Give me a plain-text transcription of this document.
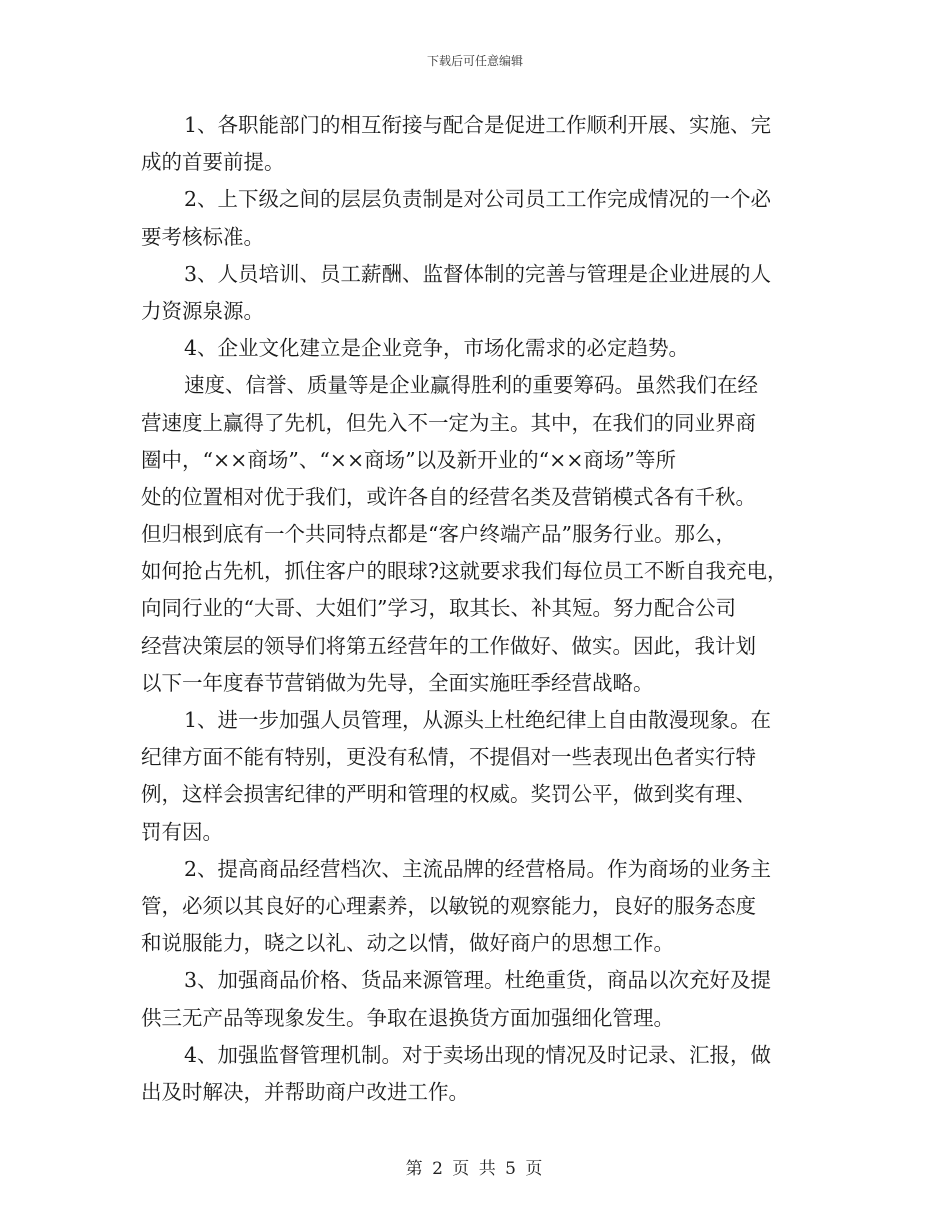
下载后可任意编辑
1、各职能部门的相互衔接与配合是促进工作顺利开展、实施、完
成的首要前提。
2、上下级之间的层层负责制是对公司员工工作完成情况的一个必
要考核标准。
3、人员培训、员工薪酬、监督体制的完善与管理是企业进展的人
力资源泉源。
4、企业文化建立是企业竞争，市场化需求的必定趋势。
速度、信誉、质量等是企业赢得胜利的重要筹码。虽然我们在经
营速度上赢得了先机，但先入不一定为主。其中，在我们的同业界商
圈中，“××商场”、“××商场”以及新开业的“××商场”等所
处的位置相对优于我们，或许各自的经营名类及营销模式各有千秋。
但归根到底有一个共同特点都是“客户终端产品”服务行业。那么，
如何抢占先机，抓住客户的眼球?这就要求我们每位员工不断自我充电，
向同行业的“大哥、大姐们”学习，取其长、补其短。努力配合公司
经营决策层的领导们将第五经营年的工作做好、做实。因此，我计划
以下一年度春节营销做为先导，全面实施旺季经营战略。
1、进一步加强人员管理，从源头上杜绝纪律上自由散漫现象。在
纪律方面不能有特别，更没有私情，不提倡对一些表现出色者实行特
例，这样会损害纪律的严明和管理的权威。奖罚公平，做到奖有理、
罚有因。
2、提高商品经营档次、主流品牌的经营格局。作为商场的业务主
管，必须以其良好的心理素养，以敏锐的观察能力，良好的服务态度
和说服能力，晓之以礼、动之以情，做好商户的思想工作。
3、加强商品价格、货品来源管理。杜绝重货，商品以次充好及提
供三无产品等现象发生。争取在退换货方面加强细化管理。
4、加强监督管理机制。对于卖场出现的情况及时记录、汇报，做
出及时解决，并帮助商户改进工作。
第 2 页 共 5 页
